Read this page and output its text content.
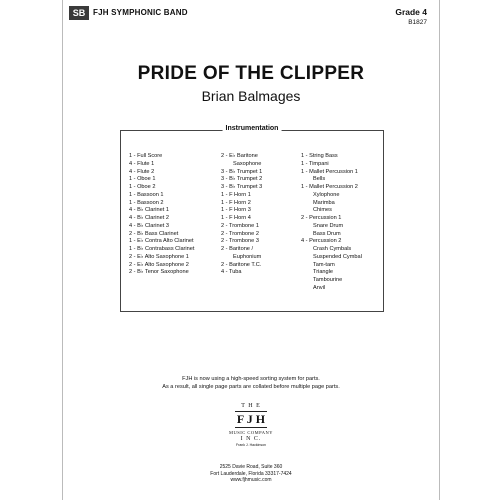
SB FJH SYMPHONIC BAND	Grade 4
B1827
PRIDE OF THE CLIPPER
Brian Balmages
Instrumentation
1 - Full Score
4 - Flute 1
4 - Flute 2
1 - Oboe 1
1 - Oboe 2
1 - Bassoon 1
1 - Bassoon 2
4 - B♭ Clarinet 1
4 - B♭ Clarinet 2
4 - B♭ Clarinet 3
2 - B♭ Bass Clarinet
1 - E♭ Contra Alto Clarinet
1 - B♭ Contrabass Clarinet
2 - E♭ Alto Saxophone 1
2 - E♭ Alto Saxophone 2
2 - B♭ Tenor Saxophone
2 - E♭ Baritone
Saxophone
3 - B♭ Trumpet 1
3 - B♭ Trumpet 2
3 - B♭ Trumpet 3
1 - F Horn 1
1 - F Horn 2
1 - F Horn 3
1 - F Horn 4
2 - Trombone 1
2 - Trombone 2
2 - Trombone 3
2 - Baritone /
Euphonium
2 - Baritone T.C.
4 - Tuba
1 - String Bass
1 - Timpani
1 - Mallet Percussion 1
Bells
1 - Mallet Percussion 2
Xylophone
Marimba
Chimes
2 - Percussion 1
Snare Drum
Bass Drum
4 - Percussion 2
Crash Cymbals
Suspended Cymbal
Tam-tam
Triangle
Tambourine
Anvil
FJH is now using a high-speed sorting system for parts.
As a result, all single page parts are collated before multiple page parts.
T H E
F J H
MUSIC COMPANY
I N C.
Frank J. Hackinson
2525 Davie Road, Suite 360
Fort Lauderdale, Florida 33317-7424
www.fjhmusic.com
